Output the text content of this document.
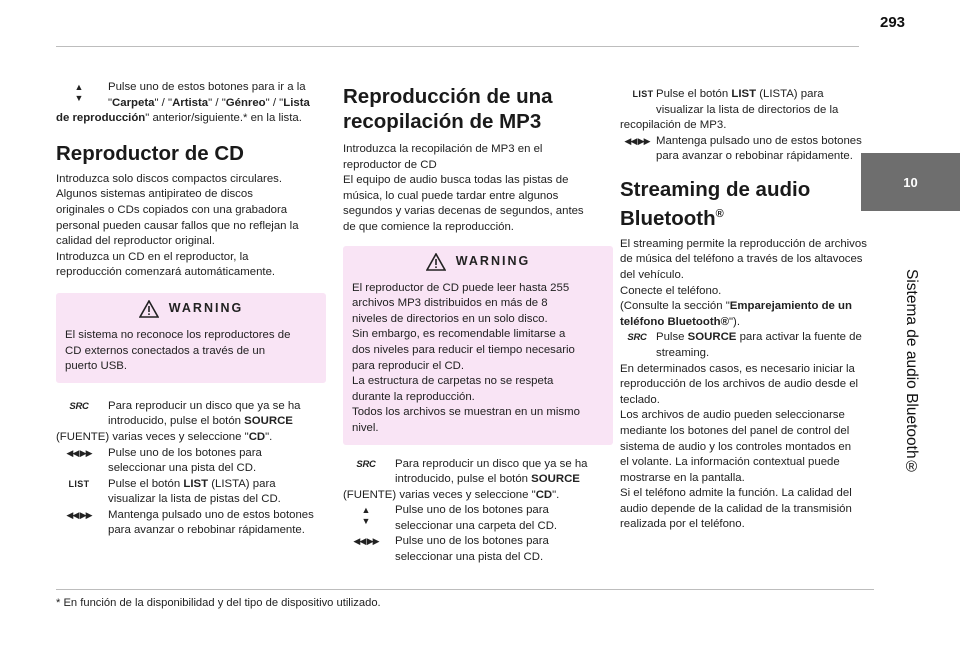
293
10
Sistema de audio Bluetooth®
▲
▼
Pulse uno de estos botones para ir a la
"Carpeta" / "Artista" / "Génreo" / "Lista
de reproducción" anterior/siguiente.* en la lista.
Reproductor de CD
Introduzca solo discos compactos circulares.
Algunos sistemas antipirateo de discos
originales o CDs copiados con una grabadora
personal pueden causar fallos que no reflejan la
calidad del reproductor original.
Introduzca un CD en el reproductor, la
reproducción comenzará automáticamente.
WARNING
El sistema no reconoce los reproductores de
CD externos conectados a través de un
puerto USB.
SRC	Para reproducir un disco que ya se ha
introducido, pulse el botón SOURCE
(FUENTE) varias veces y seleccione "CD".
◀◀ ▶▶	Pulse uno de los botones para
seleccionar una pista del CD.
LIST	Pulse el botón LIST (LISTA) para
visualizar la lista de pistas del CD.
◀◀ ▶▶	Mantenga pulsado uno de estos botones
para avanzar o rebobinar rápidamente.
Reproducción de una
recopilación de MP3
Introduzca la recopilación de MP3 en el
reproductor de CD
El equipo de audio busca todas las pistas de
música, lo cual puede tardar entre algunos
segundos y varias decenas de segundos, antes
de que comience la reproducción.
WARNING
El reproductor de CD puede leer hasta 255
archivos MP3 distribuidos en más de 8
niveles de directorios en un solo disco.
Sin embargo, es recomendable limitarse a
dos niveles para reducir el tiempo necesario
para reproducir el CD.
La estructura de carpetas no se respeta
durante la reproducción.
Todos los archivos se muestran en un mismo
nivel.
SRC	Para reproducir un disco que ya se ha
introducido, pulse el botón SOURCE
(FUENTE) varias veces y seleccione "CD".
▲
▼
Pulse uno de los botones para
seleccionar una carpeta del CD.
◀◀ ▶▶	Pulse uno de los botones para
seleccionar una pista del CD.
LIST Pulse el botón LIST (LISTA) para
visualizar la lista de directorios de la
recopilación de MP3.
◀◀ ▶▶ Mantenga pulsado uno de estos botones
para avanzar o rebobinar rápidamente.
Streaming de audio
Bluetooth®
El streaming permite la reproducción de archivos
de música del teléfono a través de los altavoces
del vehículo.
Conecte el teléfono.
(Consulte la sección "Emparejamiento de un
teléfono Bluetooth®").
SRC Pulse SOURCE para activar la fuente de
streaming.
En determinados casos, es necesario iniciar la
reproducción de los archivos de audio desde el
teclado.
Los archivos de audio pueden seleccionarse
mediante los botones del panel de control del
sistema de audio y los controles montados en
el volante. La información contextual puede
mostrarse en la pantalla.
Si el teléfono admite la función. La calidad del
audio depende de la calidad de la transmisión
realizada por el teléfono.
* En función de la disponibilidad y del tipo de dispositivo utilizado.
